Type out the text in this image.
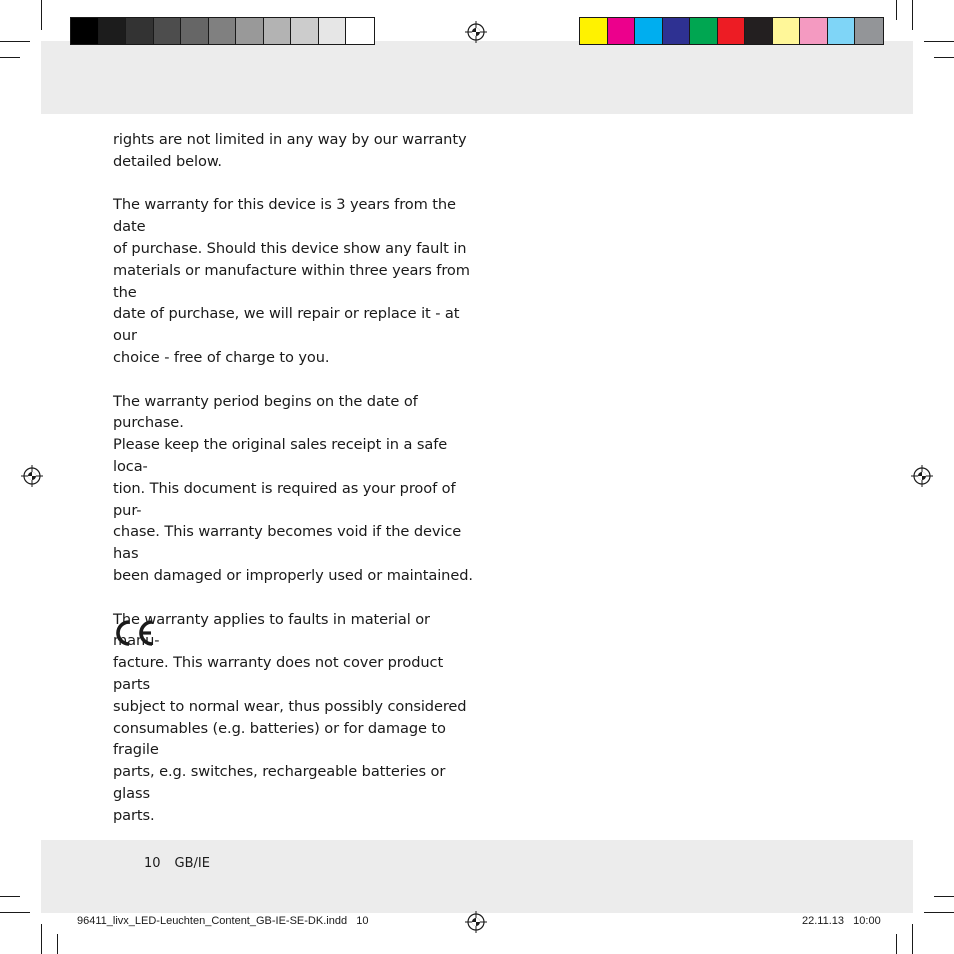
rights are not limited in any way by our warranty
detailed below.

The warranty for this device is 3 years from the date
of purchase. Should this device show any fault in
materials or manufacture within three years from the
date of purchase, we will repair or replace it - at our
choice - free of charge to you.

The warranty period begins on the date of purchase.
Please keep the original sales receipt in a safe loca-
tion. This document is required as your proof of pur-
chase. This warranty becomes void if the device has
been damaged or improperly used or maintained.

The warranty applies to faults in material or manu-
facture. This warranty does not cover product parts
subject to normal wear, thus possibly considered
consumables (e.g. batteries) or for damage to fragile
parts, e.g. switches, rechargeable batteries or glass
parts.

10 GB/IE
96411_livx_LED-Leuchten_Content_GB-IE-SE-DK.indd   10	22.11.13   10:00
